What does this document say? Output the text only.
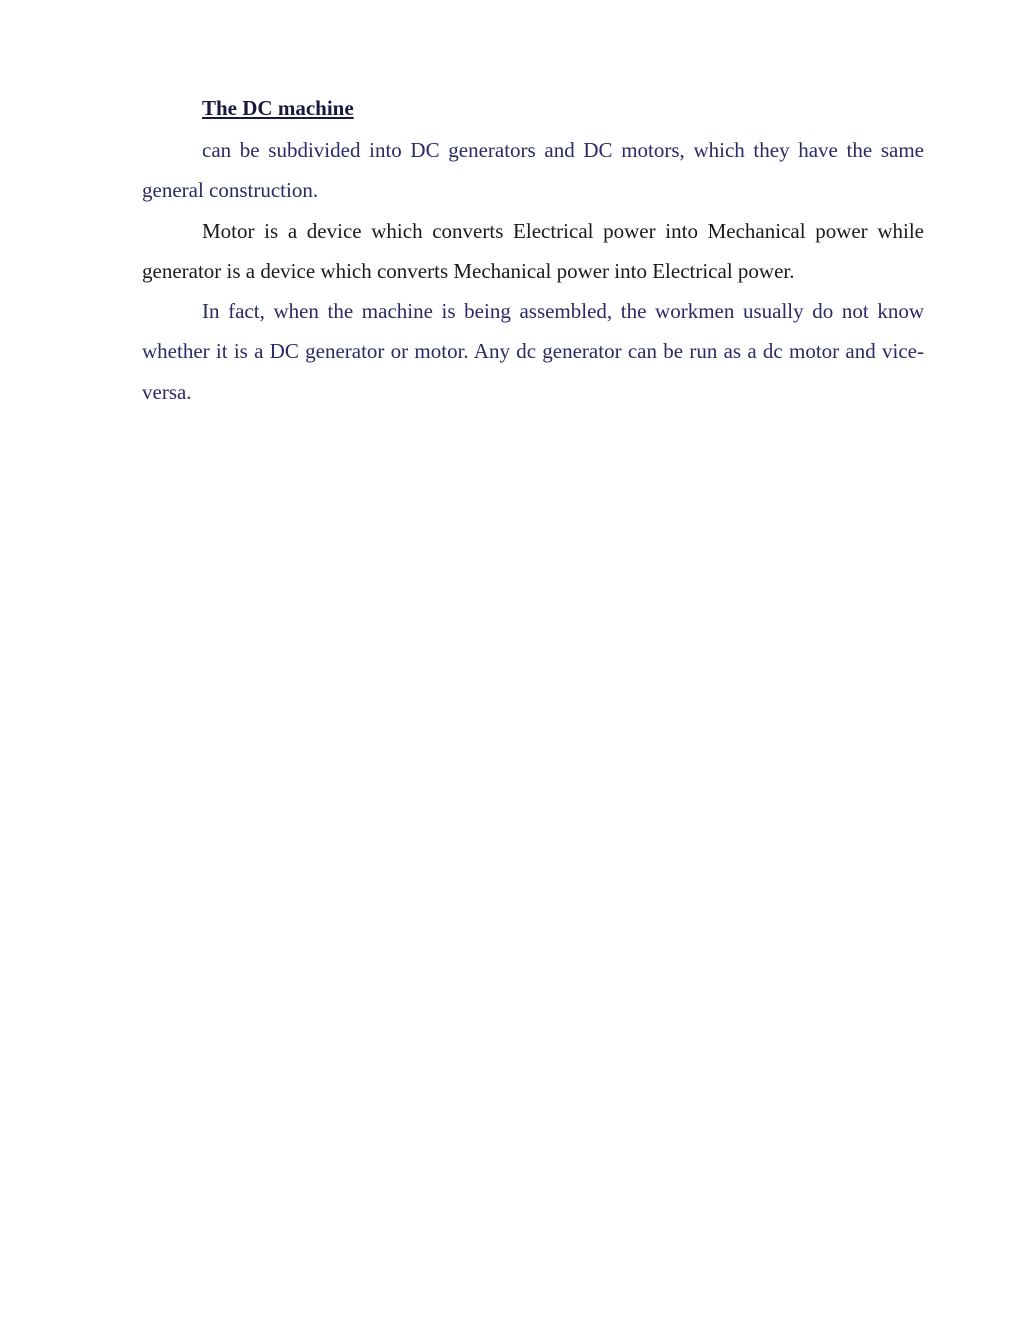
The DC machine

can be subdivided into DC generators and DC motors, which they have the same general construction.

Motor is a device which converts Electrical power into Mechanical power while generator is a device which converts Mechanical power into Electrical power.

In fact, when the machine is being assembled, the workmen usually do not know whether it is a DC generator or motor. Any dc generator can be run as a dc motor and vice-versa.
